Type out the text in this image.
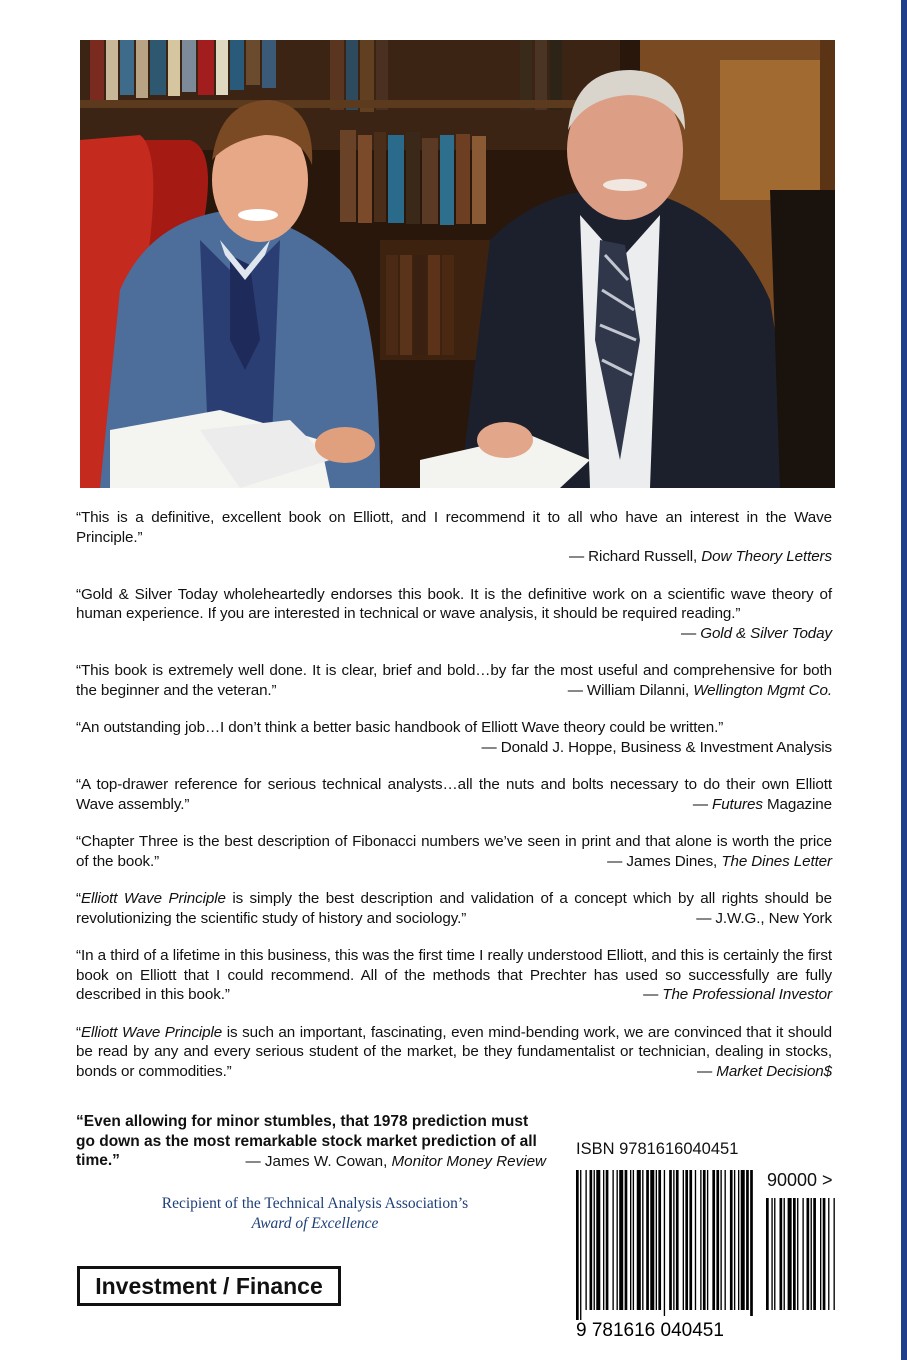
“This is a definitive, excellent book on Elliott, and I recommend it to all who have an interest in the Wave Principle.”
— Richard Russell, Dow Theory Letters
“Gold & Silver Today wholeheartedly endorses this book. It is the definitive work on a scientific wave theory of human experience. If you are interested in technical or wave analysis, it should be required reading.”
— Gold & Silver Today
“This book is extremely well done. It is clear, brief and bold…by far the most useful and comprehensive for both
the beginner and the veteran.”	— William Dilanni, Wellington Mgmt Co.
“An outstanding job…I don’t think a better basic handbook of Elliott Wave theory could be written.”
— Donald J. Hoppe, Business & Investment Analysis
“A top-drawer reference for serious technical analysts…all the nuts and bolts necessary to do their own Elliott
Wave assembly.”	— Futures Magazine
“Chapter Three is the best description of Fibonacci numbers we’ve seen in print and that alone is worth the price
of the book.”	— James Dines, The Dines Letter
“Elliott Wave Principle is simply the best description and validation of a concept which by all rights should be
revolutionizing the scientific study of history and sociology.”	— J.W.G., New York
“In a third of a lifetime in this business, this was the first time I really understood Elliott, and this is certainly the first book on Elliott that I could recommend. All of the methods that Prechter has used so successfully are fully described in this book.”	— The Professional Investor
“Elliott Wave Principle is such an important, fascinating, even mind-bending work, we are convinced that it should be read by any and every serious student of the market, be they fundamentalist or technician, dealing in stocks, bonds or commodities.”	— Market Decision$
“Even allowing for minor stumbles, that 1978 prediction must go down as the most remarkable stock market prediction of all time.”	— James W. Cowan, Monitor Money Review
Recipient of the Technical Analysis Association’s
Award of Excellence
Investment / Finance
ISBN 9781616040451
90000 >
9 781616 040451
